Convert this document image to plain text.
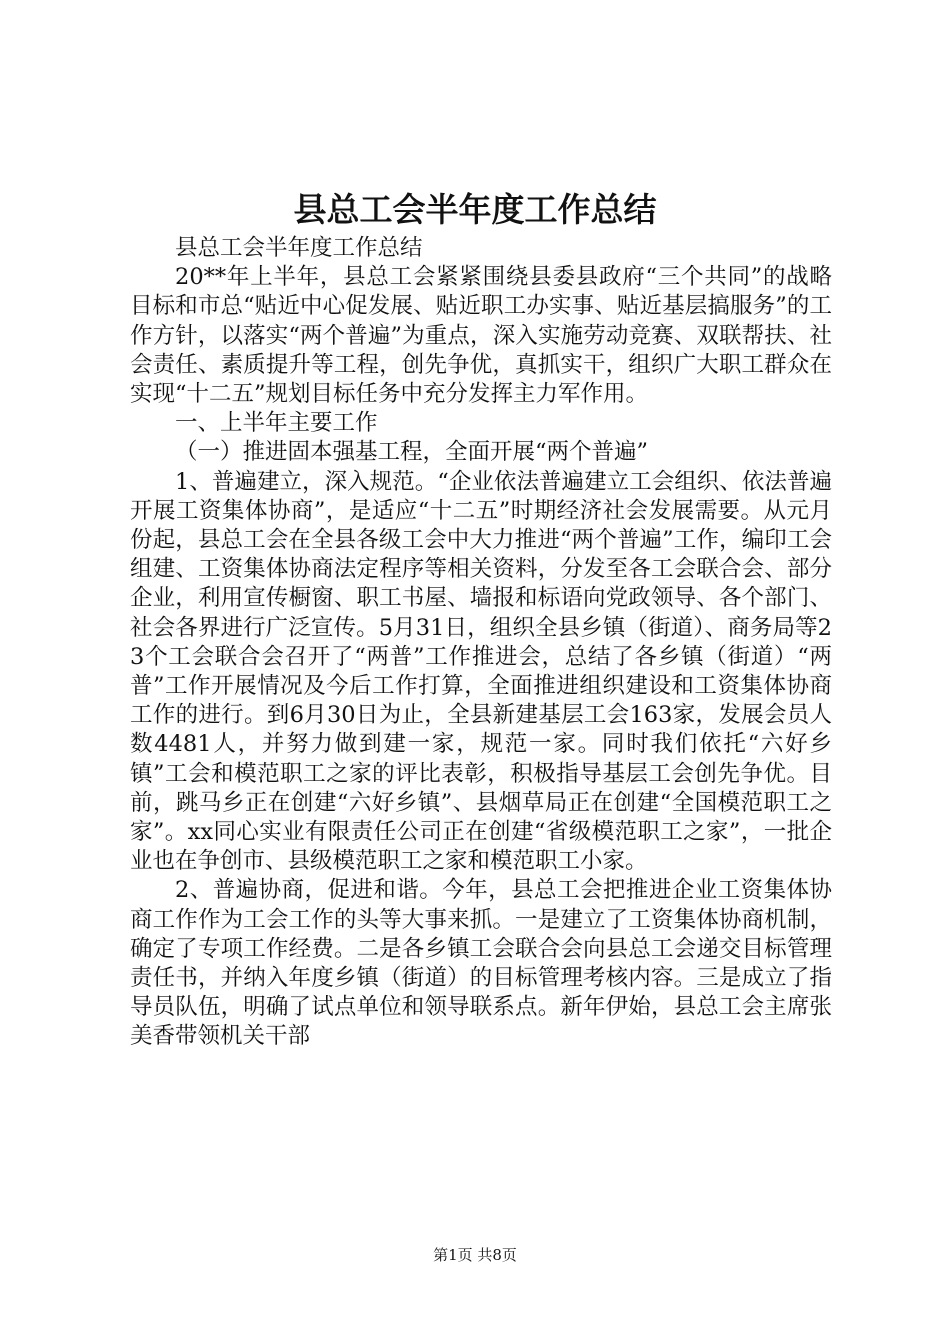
县总工会半年度工作总结

县总工会半年度工作总结

20**年上半年，县总工会紧紧围绕县委县政府“三个共同”的战略目标和市总“贴近中心促发展、贴近职工办实事、贴近基层搞服务”的工作方针，以落实“两个普遍”为重点，深入实施劳动竞赛、双联帮扶、社会责任、素质提升等工程，创先争优，真抓实干，组织广大职工群众在实现“十二五”规划目标任务中充分发挥主力军作用。

一、上半年主要工作

（一）推进固本强基工程，全面开展“两个普遍”

1、普遍建立，深入规范。“企业依法普遍建立工会组织、依法普遍开展工资集体协商”，是适应“十二五”时期经济社会发展需要。从元月份起，县总工会在全县各级工会中大力推进“两个普遍”工作，编印工会组建、工资集体协商法定程序等相关资料，分发至各工会联合会、部分企业，利用宣传橱窗、职工书屋、墙报和标语向党政领导、各个部门、社会各界进行广泛宣传。5月31日，组织全县乡镇（街道）、商务局等23个工会联合会召开了“两普”工作推进会，总结了各乡镇（街道）“两普”工作开展情况及今后工作打算，全面推进组织建设和工资集体协商工作的进行。到6月30日为止，全县新建基层工会163家，发展会员人数4481人，并努力做到建一家，规范一家。同时我们依托“六好乡镇”工会和模范职工之家的评比表彰，积极指导基层工会创先争优。目前，跳马乡正在创建“六好乡镇”、县烟草局正在创建“全国模范职工之家”。xx同心实业有限责任公司正在创建“省级模范职工之家”，一批企业也在争创市、县级模范职工之家和模范职工小家。

2、普遍协商，促进和谐。今年，县总工会把推进企业工资集体协商工作作为工会工作的头等大事来抓。一是建立了工资集体协商机制，确定了专项工作经费。二是各乡镇工会联合会向县总工会递交目标管理责任书，并纳入年度乡镇（街道）的目标管理考核内容。三是成立了指导员队伍，明确了试点单位和领导联系点。新年伊始，县总工会主席张美香带领机关干部

第1页 共8页
